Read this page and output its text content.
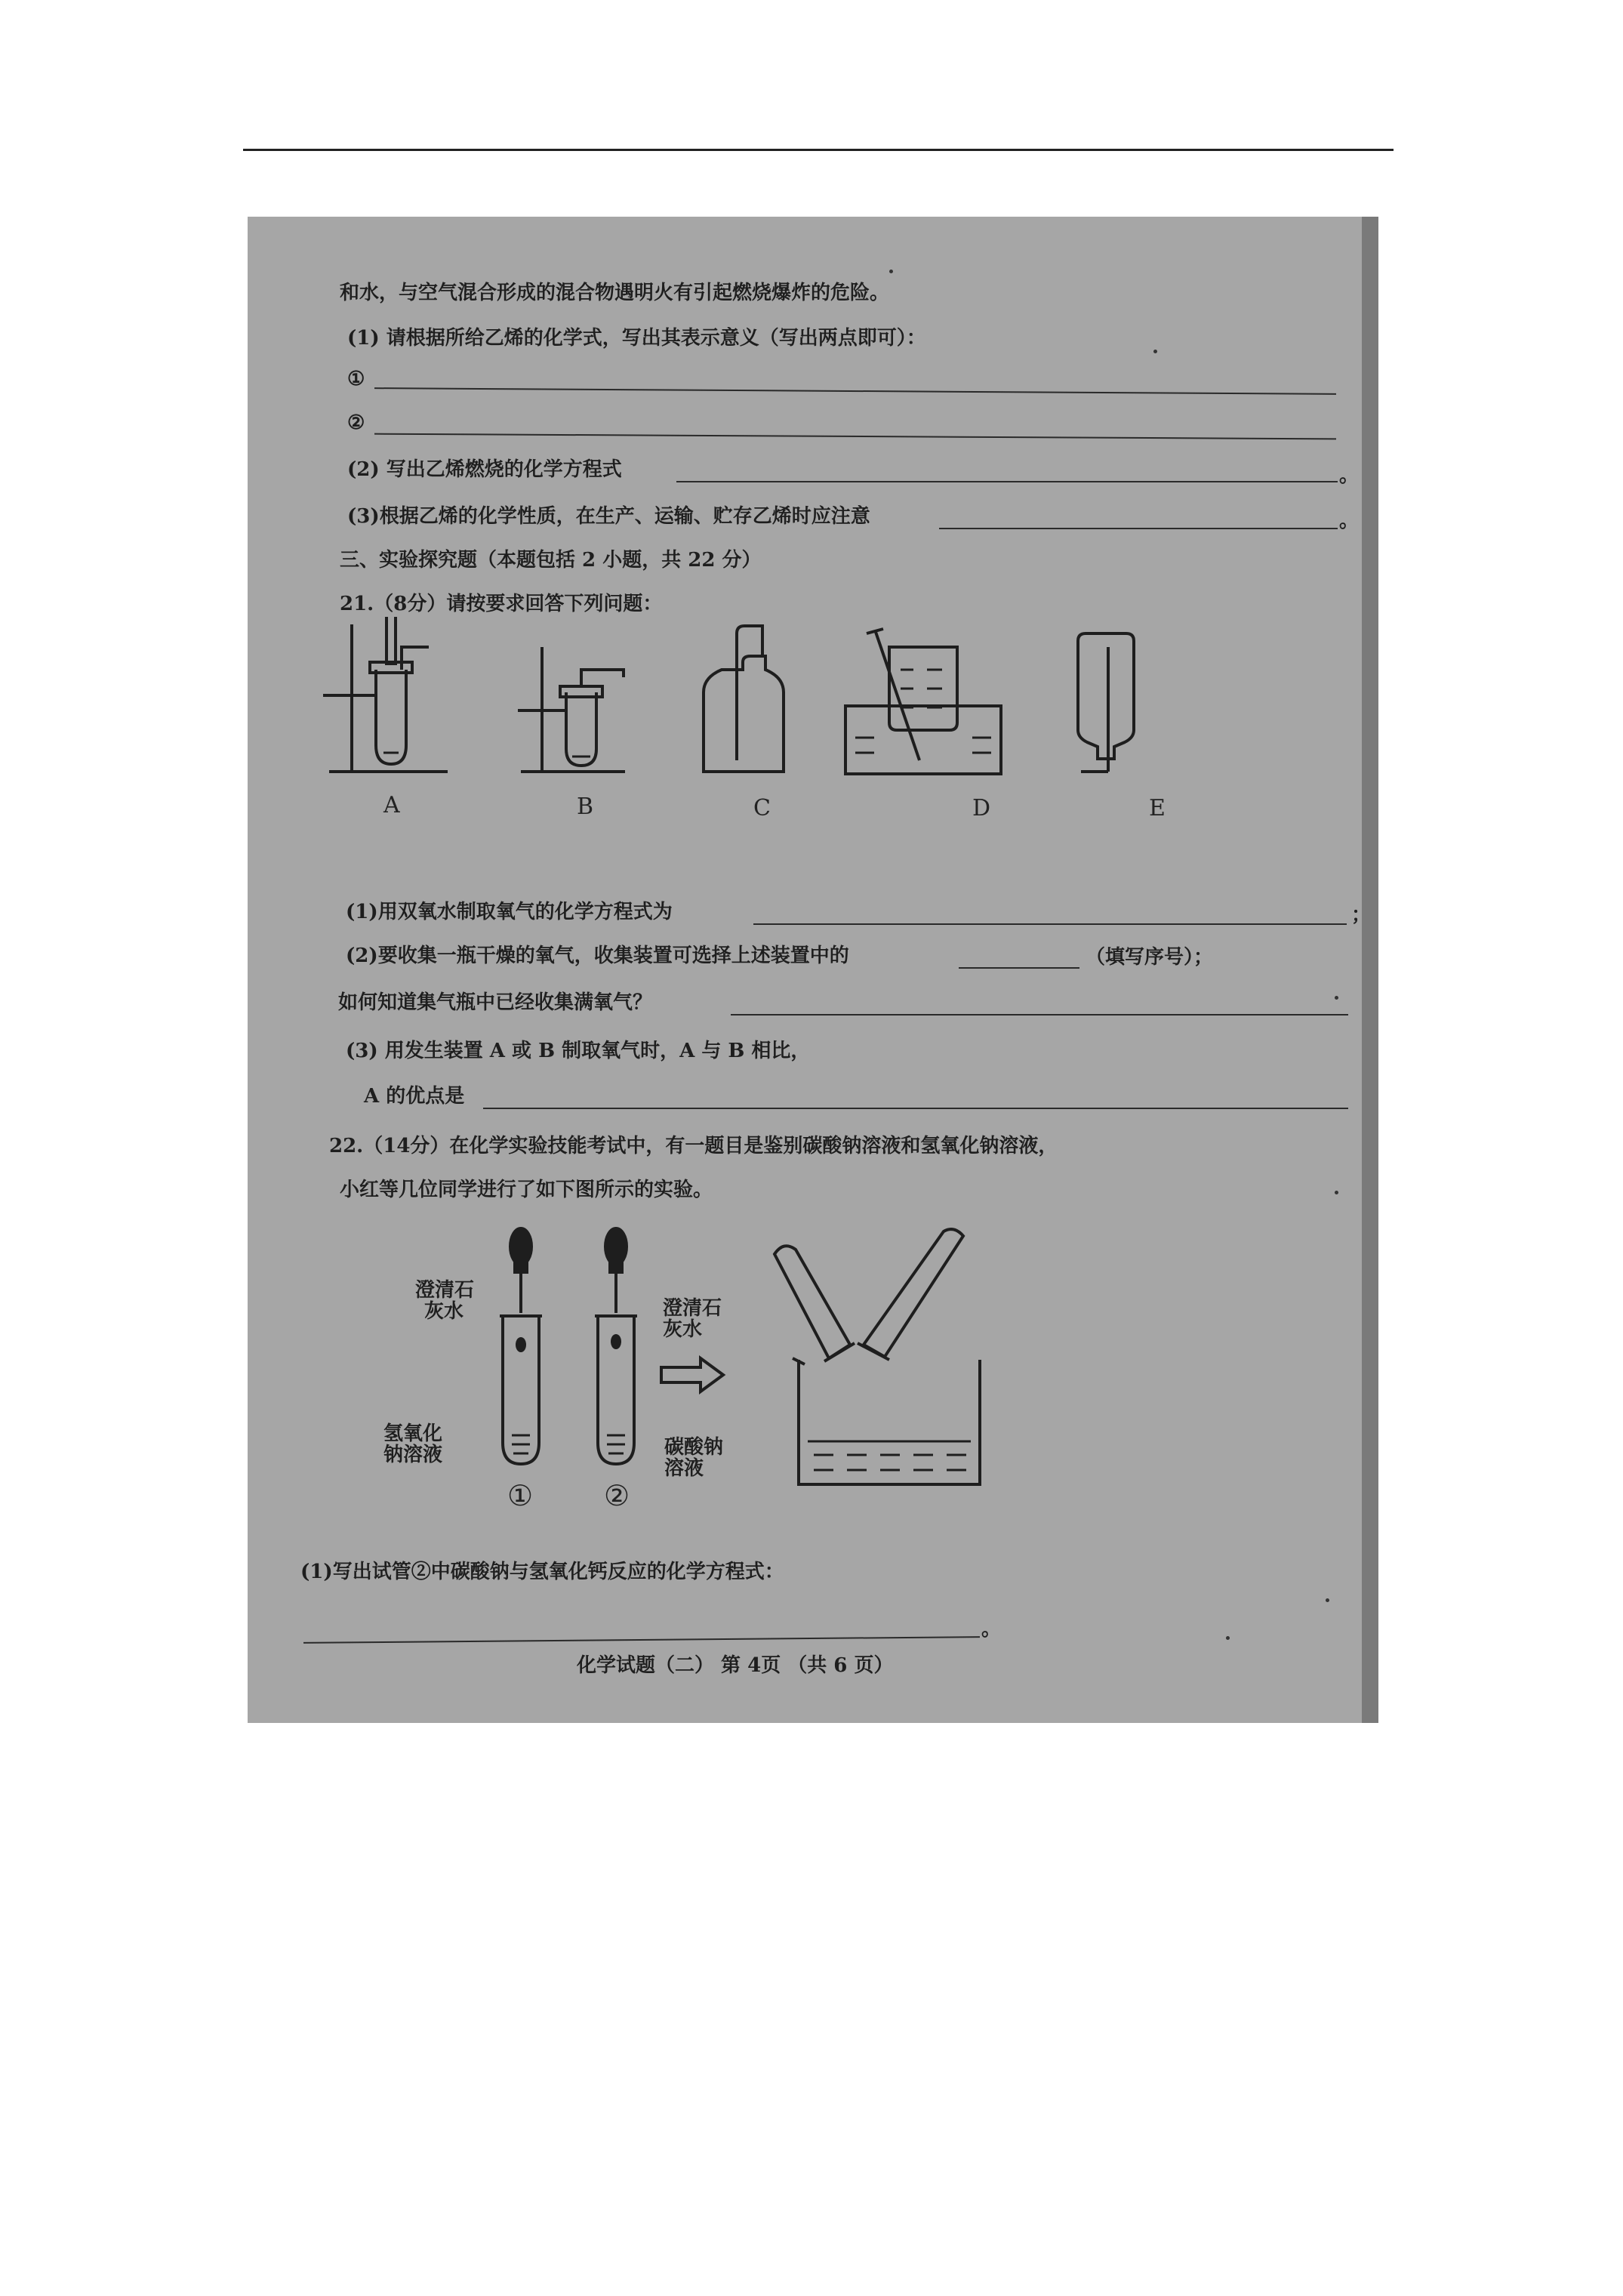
和水，与空气混合形成的混合物遇明火有引起燃烧爆炸的危险。
(1) 请根据所给乙烯的化学式，写出其表示意义（写出两点即可）：
①
②
(2) 写出乙烯燃烧的化学方程式	。
(3)根据乙烯的化学性质，在生产、运输、贮存乙烯时应注意	。
三、实验探究题（本题包括 2 小题，共 22 分）
21.（8分）请按要求回答下列问题：
A	B	C	D	E
(1)用双氧水制取氧气的化学方程式为	；
(2)要收集一瓶干燥的氧气，收集装置可选择上述装置中的	（填写序号）；
如何知道集气瓶中已经收集满氧气？
(3) 用发生装置 A 或 B 制取氧气时，A 与 B 相比，
A 的优点是
22.（14分）在化学实验技能考试中，有一题目是鉴别碳酸钠溶液和氢氧化钠溶液，
小红等几位同学进行了如下图所示的实验。
澄清石
灰水	澄清石
灰水
氢氧化
钠溶液	碳酸钠
溶液
① ②
(1)写出试管②中碳酸钠与氢氧化钙反应的化学方程式：
。
化学试题（二） 第 4页 （共 6 页）
